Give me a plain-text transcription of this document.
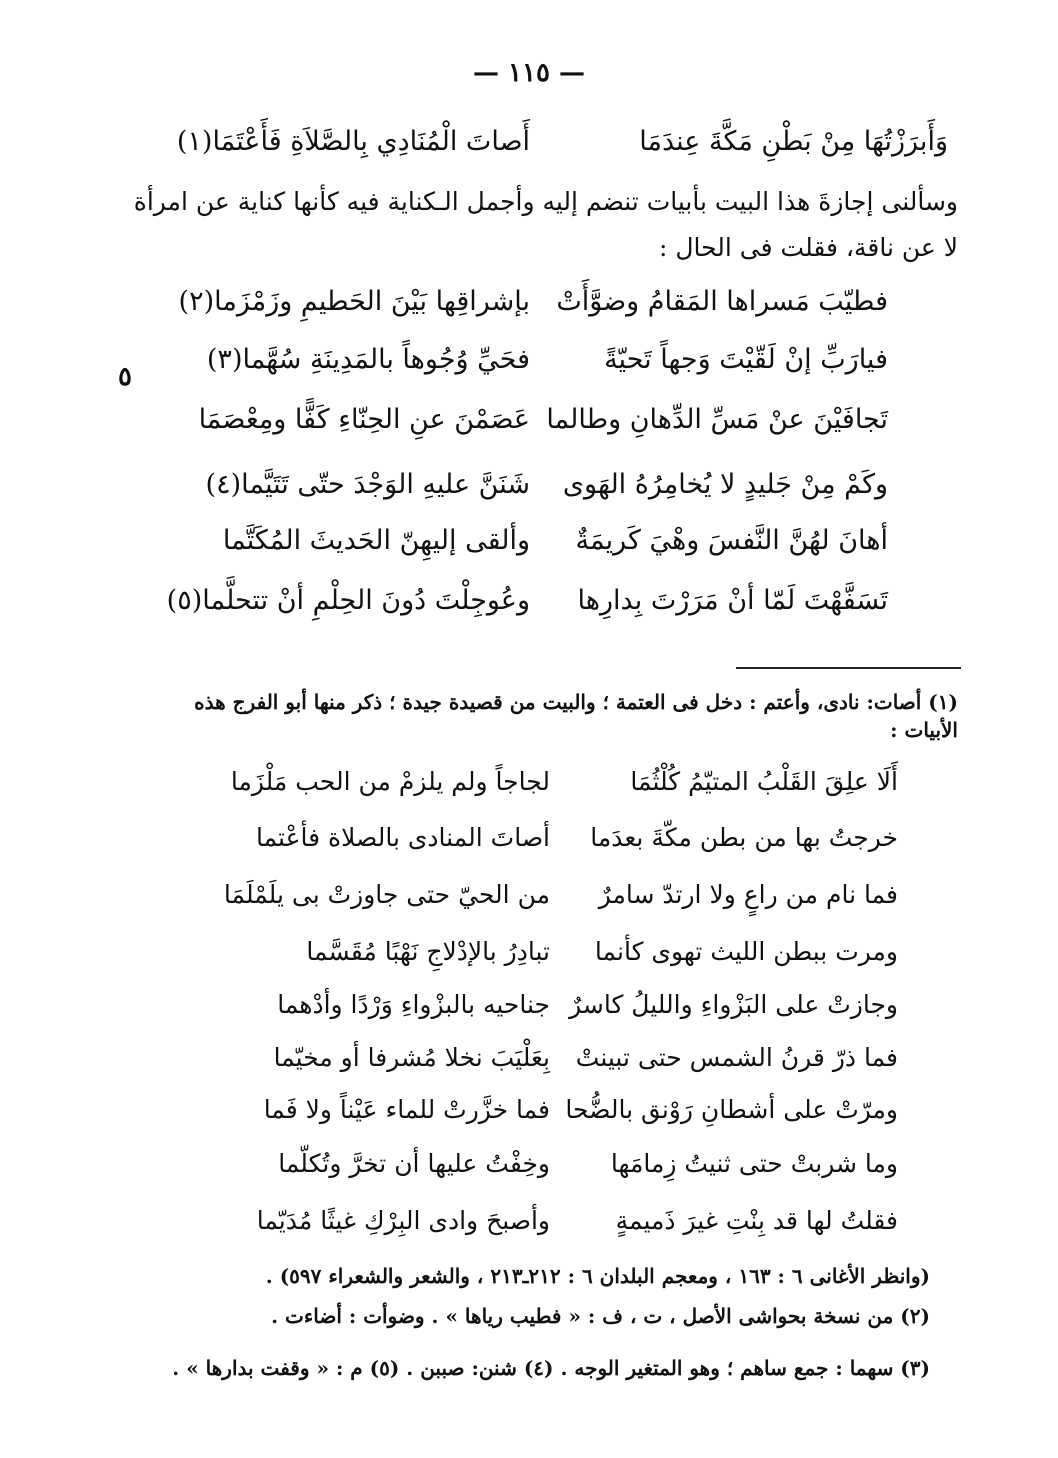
— ١١٥ —
وَأَبرَزْتُهَا مِنْ بَطْنِ مَكَّةَ عِندَمَا
أَصاتَ الْمُنَادِي بِالصَّلاَةِ فَأَعْتَمَا(١)
وسألنى إجازةَ هذا البيت بأبيات تنضم إليه وأجمل الـكناية فيه كأنها كناية عن امرأة
لا عن ناقة، فقلت فى الحال :
٥
فطيّبَ مَسراها المَقامُ وضوَّأَتْ
بإشراقِها بَيْنَ الحَطيمِ وزَمْزَما(٢)
فيارَبِّ إنْ لَقّيْتَ وَجهاً تَحيّةً
فحَيِّ وُجُوهاً بالمَدِينَةِ سُهَّما(٣)
تَجافَيْنَ عنْ مَسِّ الدِّهانِ وطالما
عَصَمْنَ عنِ الحِنّاءِ كَفًّا ومِعْصَمَا
وكَمْ مِنْ جَليدٍ لا يُخامِرُهُ الهَوى
شَنَنَّ عليهِ الوَجْدَ حتّى تَتَيَّما(٤)
أهانَ لهُنَّ النَّفسَ وهْيَ كَريمَةٌ
وألقى إليهِنّ الحَديثَ المُكَتَّما
تَسَفَّهْتَ لَمّا أنْ مَرَرْتَ بِدارِها
وعُوجِلْتَ دُونَ الحِلْمِ أنْ تتحلَّما(٥)
(١) أصات: نادى، وأعتم : دخل فى العتمة ؛ والبيت من قصيدة جيدة ؛ ذكر منها أبو الفرج هذه
الأبيات :
أَلَا علِقَ القَلْبُ المتيّمُ كُلْثُمَا
لجاجاً ولم يلزمْ من الحب مَلْزَما
خرجتُ بها من بطن مكّةَ بعدَما
أصاتَ المنادى بالصلاة فأعْتما
فما نام من راعٍ ولا ارتدّ سامرٌ
من الحيّ حتى جاوزتْ بى يلَمْلَمَا
ومرت ببطن الليث تهوى كأنما
تبادِرُ بالإدْلاجِ نَهْبًا مُقَسَّما
وجازتْ على البَزْواءِ والليلُ كاسرٌ
جناحيه بالبزْواءِ وَرْدًا وأدْهما
فما ذرّ قرنُ الشمس حتى تبينتْ
بِعَلْيَبَ نخلا مُشرفا أو مخيّما
ومرّتْ على أشطانِ رَوْنق بالضُّحا
فما خزَّرتْ للماء عَيْناً ولا فَما
وما شربتْ حتى ثنيتُ زِمامَها
وخِفْتُ عليها أن تخرَّ وتُكلّما
فقلتُ لها قد بِنْتِ غيرَ ذَميمةٍ
وأصبحَ وادى البِرْكِ غيثًا مُدَيّما
(وانظر الأغانى ٦ : ١٦٣ ، ومعجم البلدان ٦ : ٢١٢ـ٢١٣ ، والشعر والشعراء ٥٩٧) .
(٢) من نسخة بحواشى الأصل ، ت ، ف : « فطيب رياها » . وضوأت : أضاءت .
(٣) سهما : جمع ساهم ؛ وهو المتغير الوجه . (٤) شنن: صببن . (٥) م : « وقفت بدارها » .
